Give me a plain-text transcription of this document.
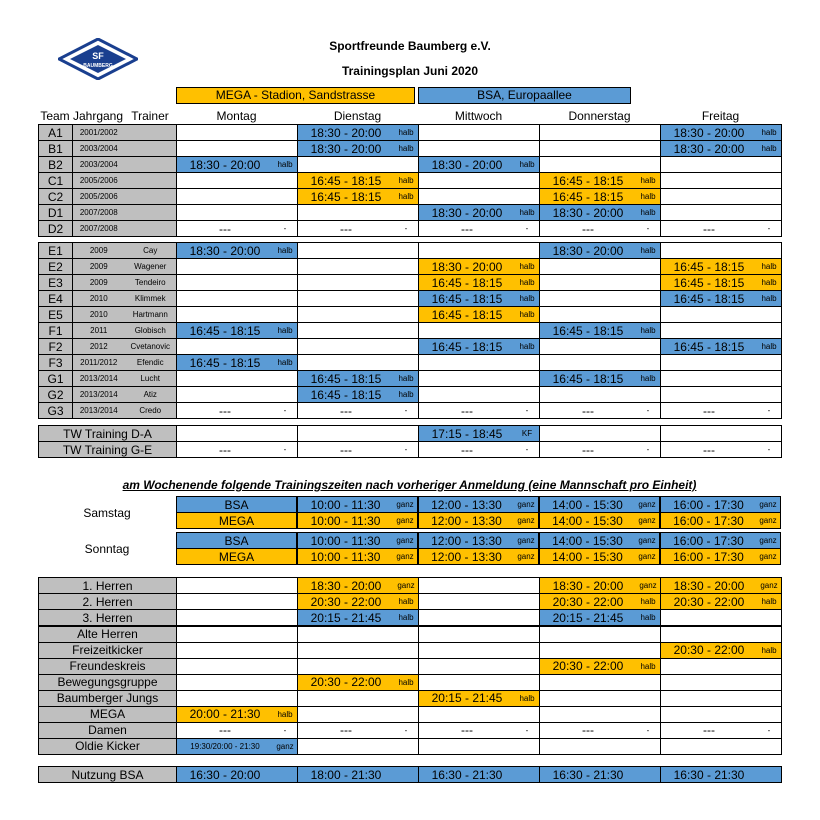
SF
BAUMBERG
Sportfreunde Baumberg e.V.
Trainingsplan Juni 2020
MEGA - Stadion, Sandstrasse	BSA, Europaallee
Team Jahrgang Trainer	Montag	Dienstag	Mittwoch	Donnerstag	Freitag
A1	2001/2002			18:30 - 20:00 halb			18:30 - 20:00 halb

B1	2003/2004			18:30 - 20:00 halb			18:30 - 20:00 halb

B2	2003/2004		18:30 - 20:00 halb		18:30 - 20:00 halb		

C1	2005/2006			16:45 - 18:15 halb		16:45 - 18:15 halb	

C2	2005/2006			16:45 - 18:15 halb		16:45 - 18:15 halb	

D1	2007/2008				18:30 - 20:00 halb	18:30 - 20:00 halb	

D2	2007/2008		--- -	--- -	--- -	--- -	--- -
E1	2009	Cay	18:30 - 20:00 halb			18:30 - 20:00 halb	

E2	2009	Wagener			18:30 - 20:00 halb		16:45 - 18:15 halb

E3	2009	Tendeiro			16:45 - 18:15 halb		16:45 - 18:15 halb

E4	2010	Klimmek			16:45 - 18:15 halb		16:45 - 18:15 halb

E5	2010	Hartmann			16:45 - 18:15 halb		

F1	2011	Globisch	16:45 - 18:15 halb			16:45 - 18:15 halb	

F2	2012	Cvetanovic			16:45 - 18:15 halb		16:45 - 18:15 halb

F3	2011/2012	Efendic	16:45 - 18:15 halb				

G1	2013/2014	Lucht		16:45 - 18:15 halb		16:45 - 18:15 halb	

G2	2013/2014	Atiz		16:45 - 18:15 halb			

G3	2013/2014	Credo	--- -	--- -	--- -	--- -	--- -
TW Training D-A			17:15 - 18:45 KF		

TW Training G-E	--- -	--- -	--- -	--- -	--- -
am Wochenende folgende Trainingszeiten nach vorheriger Anmeldung (eine Mannschaft pro Einheit)
Samstag	BSA	10:00 - 11:30 ganz	12:00 - 13:30 ganz	14:00 - 15:30 ganz	16:00 - 17:30 ganz

	MEGA	10:00 - 11:30 ganz	12:00 - 13:30 ganz	14:00 - 15:30 ganz	16:00 - 17:30 ganz

Sonntag	BSA	10:00 - 11:30 ganz	12:00 - 13:30 ganz	14:00 - 15:30 ganz	16:00 - 17:30 ganz

	MEGA	10:00 - 11:30 ganz	12:00 - 13:30 ganz	14:00 - 15:30 ganz	16:00 - 17:30 ganz
1. Herren		18:30 - 20:00 ganz		18:30 - 20:00 ganz	18:30 - 20:00 ganz

2. Herren		20:30 - 22:00 halb		20:30 - 22:00 halb	20:30 - 22:00 halb

3. Herren		20:15 - 21:45 halb		20:15 - 21:45 halb	

Alte Herren					
Freizeitkicker					20:30 - 22:00 halb

Freundeskreis				20:30 - 22:00 halb	

Bewegungsgruppe		20:30 - 22:00 halb			

Baumberger Jungs			20:15 - 21:45 halb		

MEGA	20:00 - 21:30 halb				

Damen	--- -	--- -	--- -	--- -	--- -

Oldie Kicker	19:30/20:00 - 21:30 ganz				

Nutzung BSA	16:30 - 20:00	18:00 - 21:30	16:30 - 21:30	16:30 - 21:30	16:30 - 21:30
